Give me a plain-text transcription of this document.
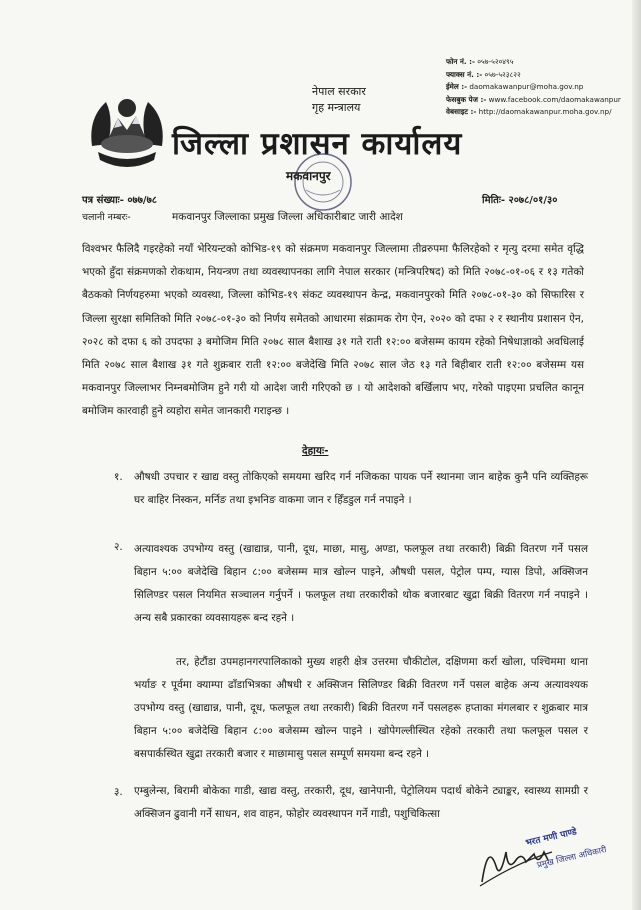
नेपाल सरकार
गृह मन्त्रालय
फोन नं. :- ०५७-५२०४९५
फ्याक्स नं. :- ०५७-५२३८२२
ईमेल :- daomakawanpur@moha.gov.np
फेसबुक पेज :- www.facebook.com/daomakawanpur
वेबसाइट :- http://daomakawanpur.moha.gov.np/
जिल्ला प्रशासन कार्यालय
मकवानपुर
पत्र संख्याः- ०७७/७८	मितिः- २०७८/०१/३०
चलानी नम्बरः-	मकवानपुर जिल्लाका प्रमुख जिल्ला अधिकारीबाट जारी आदेश
विश्वभर फैलिदै गइरहेको नयाँ भेरियन्टको कोभिड-१९ को संक्रमण मकवानपुर जिल्लामा तीव्ररुपमा फैलिरहेको र मृत्यु दरमा समेत वृद्धि भएको हुँदा संक्रमणको रोकथाम, नियन्त्रण तथा व्यवस्थापनका लागि नेपाल सरकार (मन्त्रिपरिषद) को मिति २०७८-०१-०६ र १३ गतेको बैठकको निर्णयहरुमा भएको व्यवस्था, जिल्ला कोभिड-१९ संकट व्यवस्थापन केन्द्र, मकवानपुरको मिति २०७८-०१-३० को सिफारिस र जिल्ला सुरक्षा समितिको मिति २०७८-०१-३० को निर्णय समेतको आधारमा संक्रामक रोग ऐन, २०२० को दफा २ र स्थानीय प्रशासन ऐन, २०२८ को दफा ६ को उपदफा ३ बमोजिम मिति २०७८ साल बैशाख ३१ गते राती १२:०० बजेसम्म कायम रहेको निषेधाज्ञाको अवधिलाई मिति २०७८ साल बैशाख ३१ गते शुक्रबार राती १२:०० बजेदेखि मिति २०७८ साल जेठ १३ गते बिहीबार राती १२:०० बजेसम्म यस मकवानपुर जिल्लाभर निम्नबमोजिम हुने गरी यो आदेश जारी गरिएको छ । यो आदेशको बर्खिलाप भए, गरेको पाइएमा प्रचलित कानून बमोजिम कारवाही हुने व्यहोरा समेत जानकारी गराइन्छ ।
देहायः-
१. औषधी उपचार र खाद्य वस्तु तोकिएको समयमा खरिद गर्न नजिकका पायक पर्ने स्थानमा जान बाहेक कुनै पनि व्यक्तिहरू घर बाहिर निस्कन, मर्निङ तथा इभनिङ वाकमा जान र हिँडडुल गर्न नपाइने ।
२. अत्यावश्यक उपभोग्य वस्तु (खाद्यान्न, पानी, दूध, माछा, मासु, अण्डा, फलफूल तथा तरकारी) बिक्री वितरण गर्ने पसल बिहान ५:०० बजेदेखि बिहान ८:०० बजेसम्म मात्र खोल्न पाइने, औषधी पसल, पेट्रोल पम्प, ग्यास डिपो, अक्सिजन सिलिण्डर पसल नियमित सञ्चालन गर्नुपर्ने । फलफूल तथा तरकारीको थोक बजारबाट खुद्रा बिक्री वितरण गर्न नपाइने । अन्य सबै प्रकारका व्यवसायहरू बन्द रहने ।
तर, हेटौंडा उपमहानगरपालिकाको मुख्य शहरी क्षेत्र उत्तरमा चौकीटोल, दक्षिणमा कर्रा खोला, पश्चिममा थाना भर्याङ र पूर्वमा क्याम्पा ढाँडाभित्रका औषधी र अक्सिजन सिलिण्डर बिक्री वितरण गर्ने पसल बाहेक अन्य अत्यावश्यक उपभोग्य वस्तु (खाद्यान्न, पानी, दूध, फलफूल तथा तरकारी) बिक्री वितरण गर्ने पसलहरू हप्ताका मंगलबार र शुक्रबार मात्र बिहान ५:०० बजेदेखि बिहान ८:०० बजेसम्म खोल्न पाइने । खोपेगल्लीस्थित रहेको तरकारी तथा फलफूल पसल र बसपार्कस्थित खुद्रा तरकारी बजार र माछामासु पसल सम्पूर्ण समयमा बन्द रहने ।
३. एम्बुलेन्स, बिरामी बोकेका गाडी, खाद्य वस्तु, तरकारी, दूध, खानेपानी, पेट्रोलियम पदार्थ बोकेने ट्याङ्कर, स्वास्थ्य सामग्री र अक्सिजन ढुवानी गर्ने साधन, शव वाहन, फोहोर व्यवस्थापन गर्ने गाडी, पशुचिकित्सा
भरत मणी पाण्डे
प्रमुख जिल्ला अधिकारी
